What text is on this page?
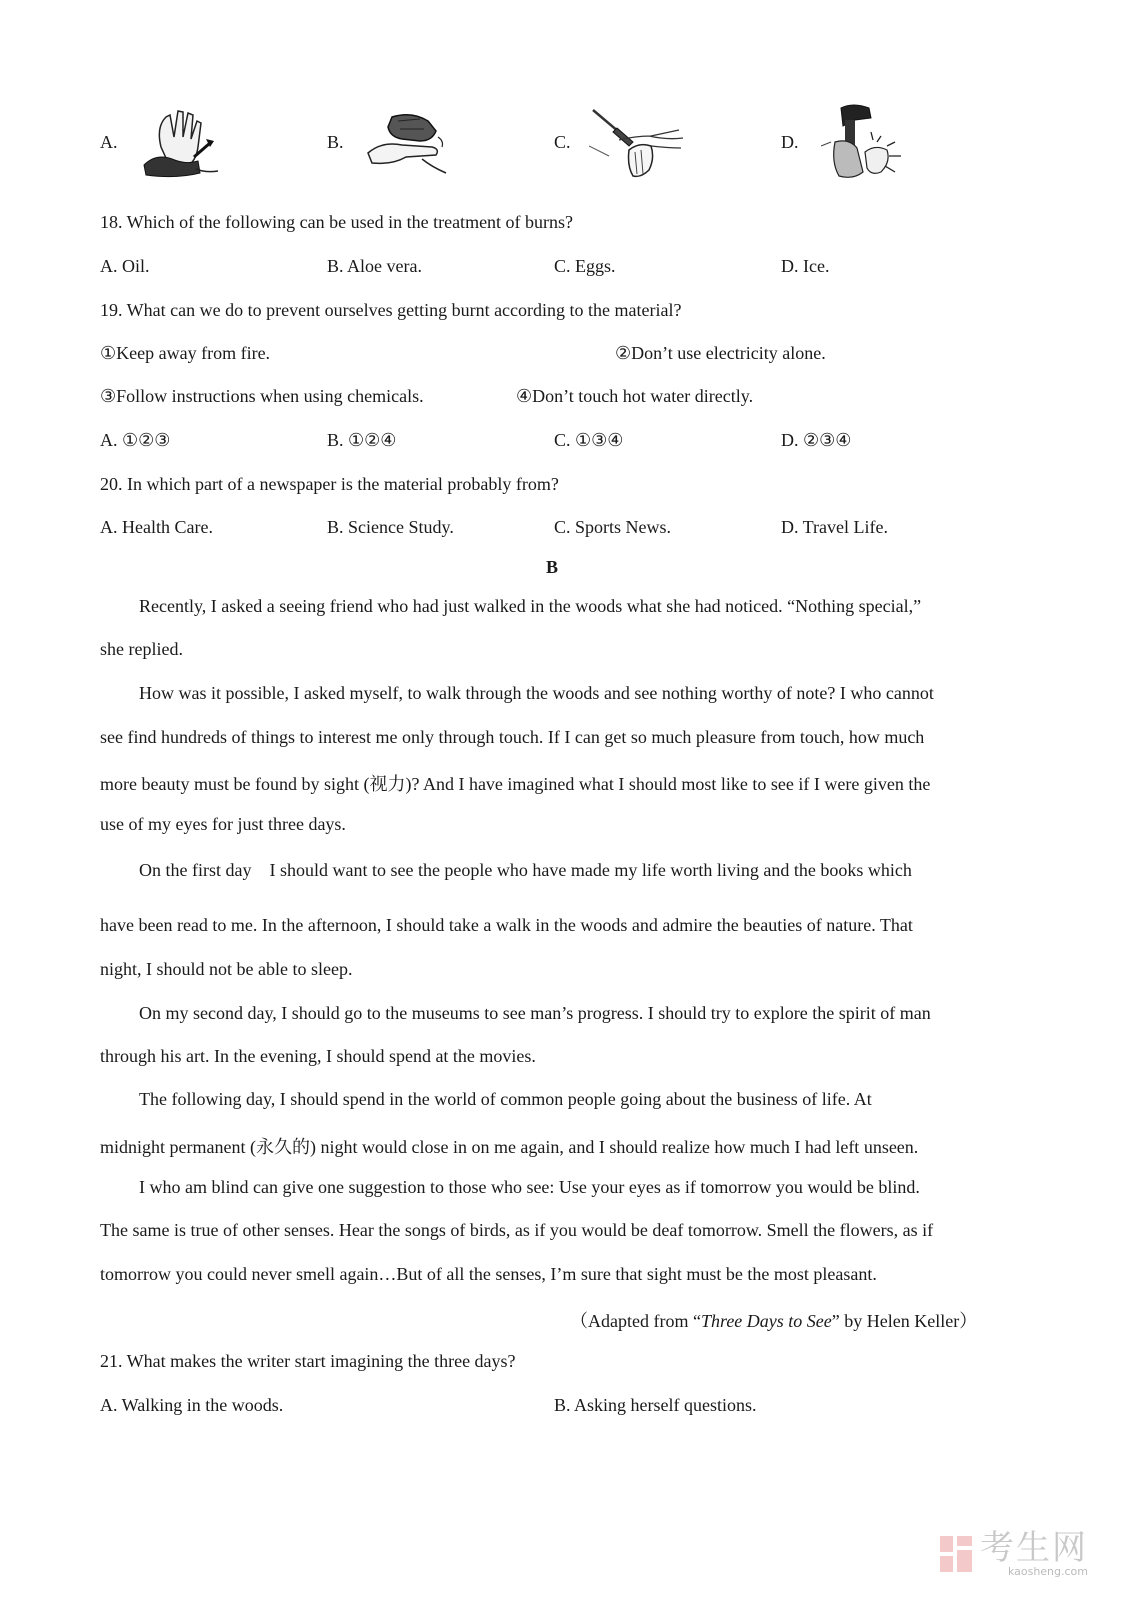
A.	B.	C.	D.
18. Which of the following can be used in the treatment of burns?
A. Oil.	B. Aloe vera.	C. Eggs.	D. Ice.
19. What can we do to prevent ourselves getting burnt according to the material?
①Keep away from fire.	②Don’t use electricity alone.
③Follow instructions when using chemicals.	④Don’t touch hot water directly.
A. ①②③	B. ①②④	C. ①③④	D. ②③④
20. In which part of a newspaper is the material probably from?
A. Health Care.	B. Science Study.	C. Sports News.	D. Travel Life.
B
Recently, I asked a seeing friend who had just walked in the woods what she had noticed. “Nothing special,”
she replied.
How was it possible, I asked myself, to walk through the woods and see nothing worthy of note? I who cannot
see find hundreds of things to interest me only through touch. If I can get so much pleasure from touch, how much
more beauty must be found by sight (视力)? And I have imagined what I should most like to see if I were given the
use of my eyes for just three days.
On the first day　I should want to see the people who have made my life worth living and the books which
have been read to me. In the afternoon, I should take a walk in the woods and admire the beauties of nature. That
night, I should not be able to sleep.
On my second day, I should go to the museums to see man’s progress. I should try to explore the spirit of man
through his art. In the evening, I should spend at the movies.
The following day, I should spend in the world of common people going about the business of life. At
midnight permanent (永久的) night would close in on me again, and I should realize how much I had left unseen.
I who am blind can give one suggestion to those who see: Use your eyes as if tomorrow you would be blind.
The same is true of other senses. Hear the songs of birds, as if you would be deaf tomorrow. Smell the flowers, as if
tomorrow you could never smell again…But of all the senses, I’m sure that sight must be the most pleasant.
（Adapted from “Three Days to See” by Helen Keller）
21. What makes the writer start imagining the three days?
A. Walking in the woods.	B. Asking herself questions.
考生网
kaosheng.com
